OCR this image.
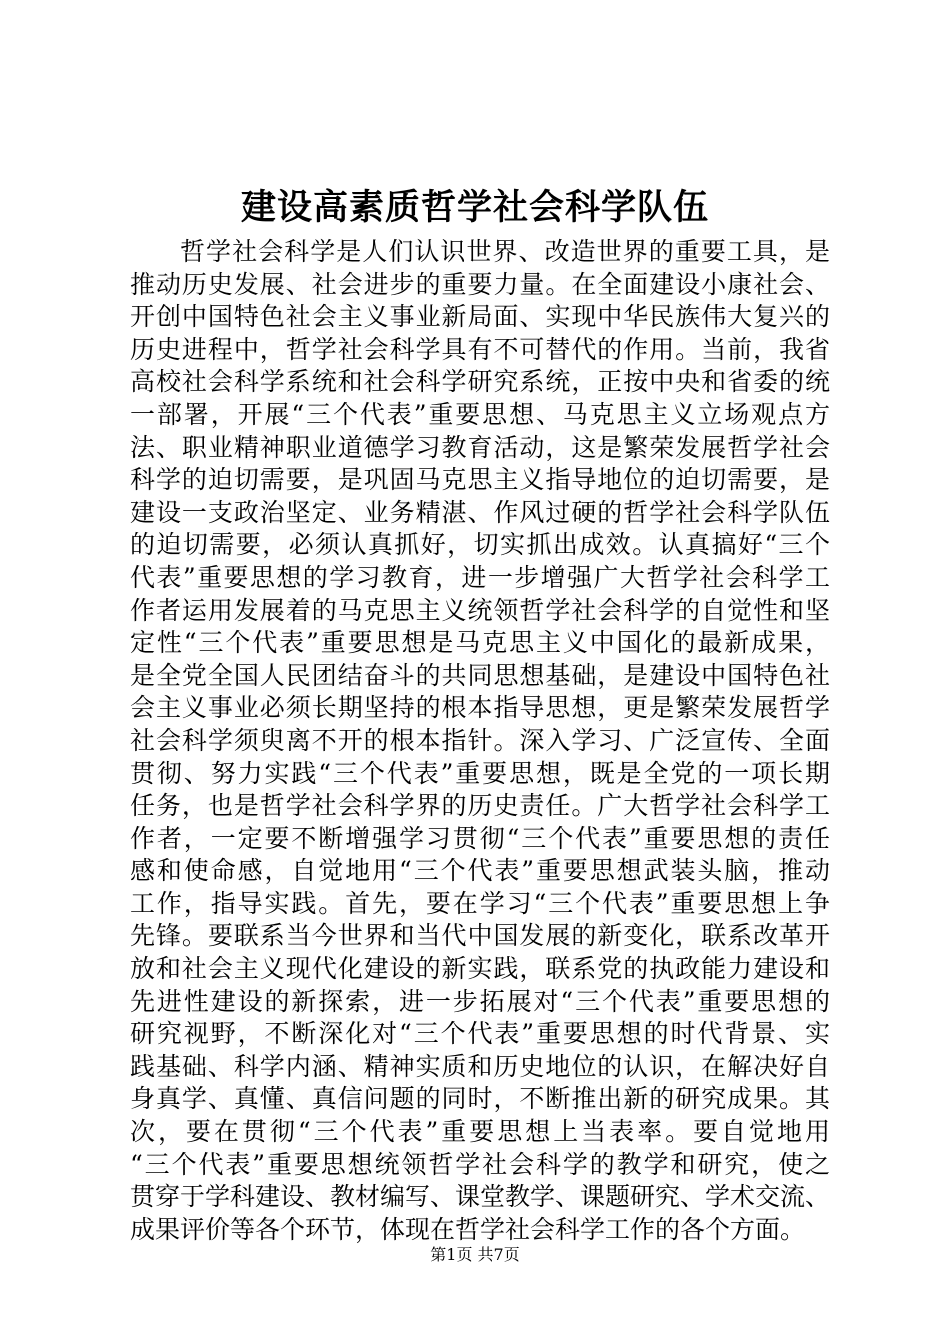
建设高素质哲学社会科学队伍
哲学社会科学是人们认识世界、改造世界的重要工具，是
推动历史发展、社会进步的重要力量。在全面建设小康社会、
开创中国特色社会主义事业新局面、实现中华民族伟大复兴的
历史进程中，哲学社会科学具有不可替代的作用。当前，我省
高校社会科学系统和社会科学研究系统，正按中央和省委的统
一部署，开展“三个代表”重要思想、马克思主义立场观点方
法、职业精神职业道德学习教育活动，这是繁荣发展哲学社会
科学的迫切需要，是巩固马克思主义指导地位的迫切需要，是
建设一支政治坚定、业务精湛、作风过硬的哲学社会科学队伍
的迫切需要，必须认真抓好，切实抓出成效。认真搞好“三个
代表”重要思想的学习教育，进一步增强广大哲学社会科学工
作者运用发展着的马克思主义统领哲学社会科学的自觉性和坚
定性“三个代表”重要思想是马克思主义中国化的最新成果，
是全党全国人民团结奋斗的共同思想基础，是建设中国特色社
会主义事业必须长期坚持的根本指导思想，更是繁荣发展哲学
社会科学须臾离不开的根本指针。深入学习、广泛宣传、全面
贯彻、努力实践“三个代表”重要思想，既是全党的一项长期
任务，也是哲学社会科学界的历史责任。广大哲学社会科学工
作者，一定要不断增强学习贯彻“三个代表”重要思想的责任
感和使命感，自觉地用“三个代表”重要思想武装头脑，推动
工作，指导实践。首先，要在学习“三个代表”重要思想上争
先锋。要联系当今世界和当代中国发展的新变化，联系改革开
放和社会主义现代化建设的新实践，联系党的执政能力建设和
先进性建设的新探索，进一步拓展对“三个代表”重要思想的
研究视野，不断深化对“三个代表”重要思想的时代背景、实
践基础、科学内涵、精神实质和历史地位的认识，在解决好自
身真学、真懂、真信问题的同时，不断推出新的研究成果。其
次，要在贯彻“三个代表”重要思想上当表率。要自觉地用
“三个代表”重要思想统领哲学社会科学的教学和研究，使之
贯穿于学科建设、教材编写、课堂教学、课题研究、学术交流、
成果评价等各个环节，体现在哲学社会科学工作的各个方面。
第1页 共7页
